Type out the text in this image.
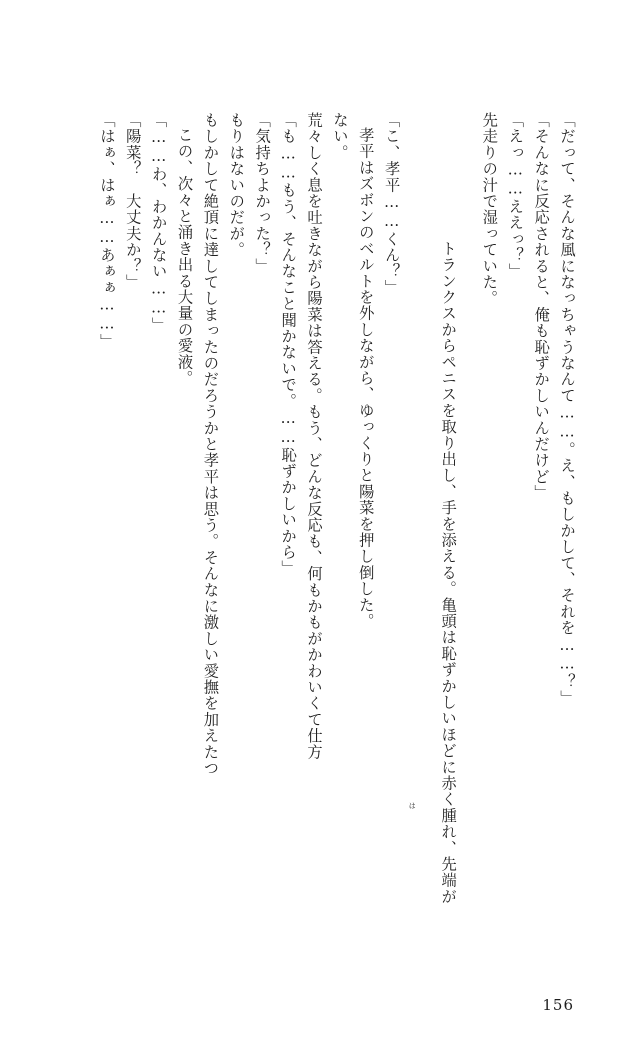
「はぁ、はぁ……あぁぁ……」 「陽菜？　大丈夫か？」 「……わ、わかんない……」 この、次々と涌き出る大量の愛液。 もしかして絶頂に達してしまったのだろうかと孝平は思う。そんなに激しい愛撫を加えたつ もりはないのだが。 「気持ちよかった？」 「も……もう、そんなこと聞かないで。……恥ずかしいから」 荒々しく息を吐きながら陽菜は答える。もう、どんな反応も、何もかもがかわいくて仕方 ない。 孝平はズボンのベルトを外しながら、ゆっくりと陽菜を押し倒した。 「こ、孝平……くん？」

トランクスからペニスを取り出し、手を添える。亀頭は恥ずかしいほどに赤く腫れ、先端が

は

先走りの汁で湿っていた。 「えっ……ええっ？」 「そんなに反応されると、俺も恥ずかしいんだけど」 「だって、そんな風になっちゃうなんて……。え、もしかして、それを……？」
156
